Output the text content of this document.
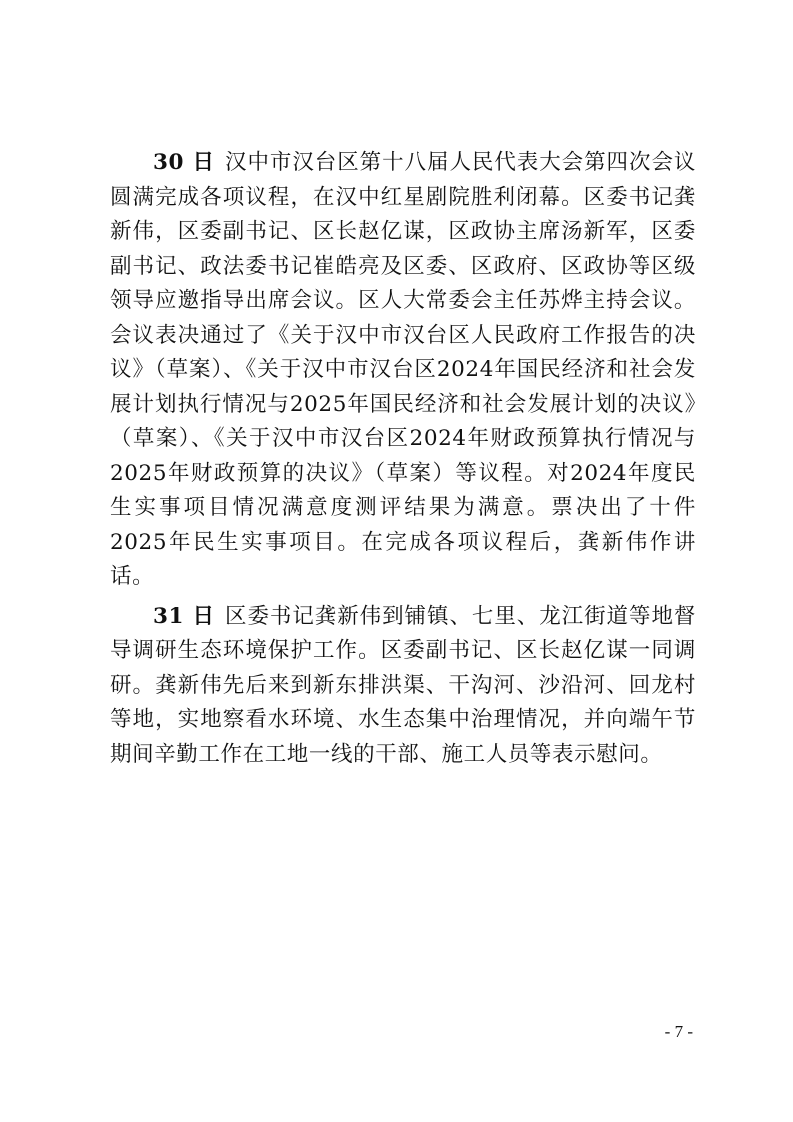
30 日 汉中市汉台区第十八届人民代表大会第四次会议圆满完成各项议程，在汉中红星剧院胜利闭幕。区委书记龚新伟，区委副书记、区长赵亿谋，区政协主席汤新军，区委副书记、政法委书记崔皓亮及区委、区政府、区政协等区级领导应邀指导出席会议。区人大常委会主任苏烨主持会议。会议表决通过了《关于汉中市汉台区人民政府工作报告的决议》（草案）、《关于汉中市汉台区2024年国民经济和社会发展计划执行情况与2025年国民经济和社会发展计划的决议》（草案）、《关于汉中市汉台区2024年财政预算执行情况与2025年财政预算的决议》（草案）等议程。对2024年度民生实事项目情况满意度测评结果为满意。票决出了十件2025年民生实事项目。在完成各项议程后，龚新伟作讲话。

31 日 区委书记龚新伟到铺镇、七里、龙江街道等地督导调研生态环境保护工作。区委副书记、区长赵亿谋一同调研。龚新伟先后来到新东排洪渠、干沟河、沙沿河、回龙村等地，实地察看水环境、水生态集中治理情况，并向端午节期间辛勤工作在工地一线的干部、施工人员等表示慰问。

- 7 -
